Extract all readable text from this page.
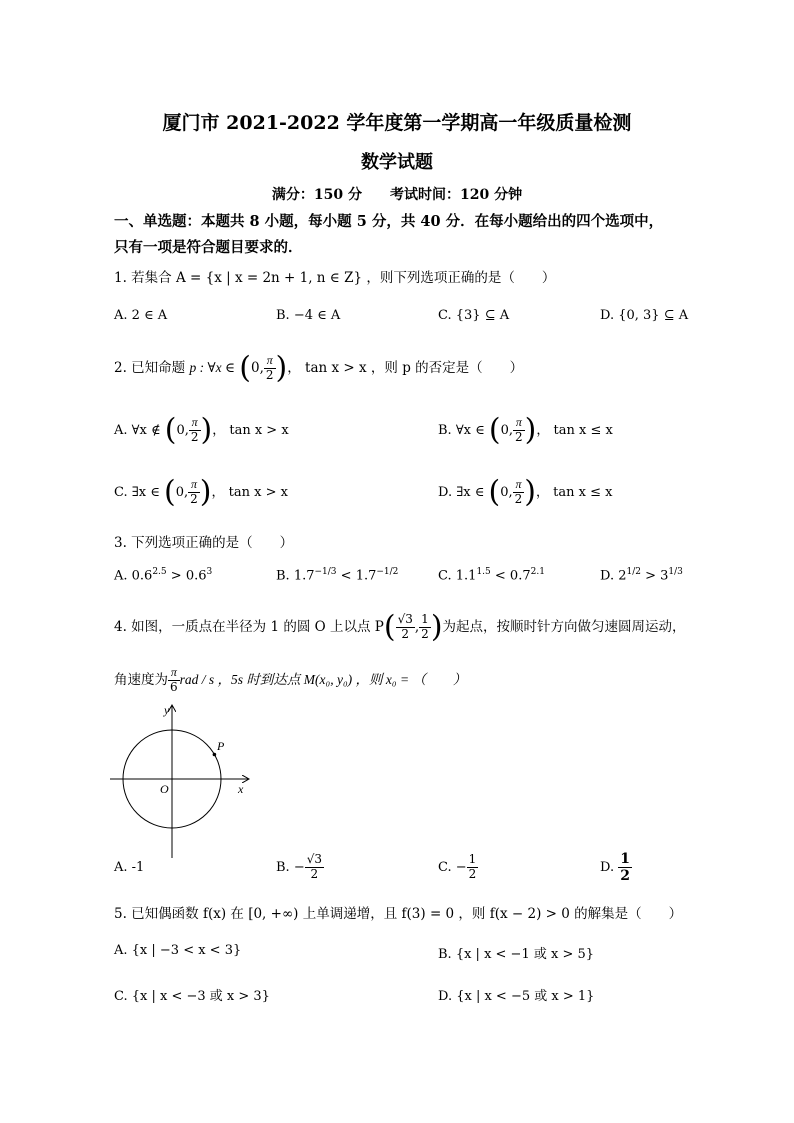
厦门市 2021-2022 学年度第一学期高一年级质量检测
数学试题
满分：150 分　　考试时间：120 分钟
一、单选题：本题共 8 小题，每小题 5 分，共 40 分．在每小题给出的四个选项中，
只有一项是符合题目要求的．
1. 若集合 A = {x | x = 2n + 1, n ∈ Z} ，则下列选项正确的是（　　）
A. 2 ∈ A	B. −4 ∈ A	C. {3} ⊆ A	D. {0, 3} ⊆ A
2. 已知命题 p : ∀x ∈ (0, $\frac{\pi}{2}$ )， tan x > x ，则 p 的否定是（　　）
A. ∀x ∉ (0, $\frac{\pi}{2}$ )， tan x > x	B. ∀x ∈ (0, $\frac{\pi}{2}$ )， tan x ≤ x
C. ∃x ∈ (0, $\frac{\pi}{2}$ )， tan x > x	D. ∃x ∈ (0, $\frac{\pi}{2}$ )， tan x ≤ x
3. 下列选项正确的是（　　）
A. $0.6^{2.5} > 0.6^3$	B. $1.7^{-1/3} < 1.7^{-1/2}$	C. $1.1^{1.5} < 0.7^{2.1}$	D. $2^{1/2} > 3^{1/3}$
4. 如图，一质点在半径为 1 的圆 O 上以点 $P( \frac{√3}{2}$ , $\frac{1}{2}$ )为起点，按顺时针方向做匀速圆周运动，
角速度为 $\frac{\pi}{6}$ rad / s ，5s 时到达点 M(x₀, y₀) ，则 x₀ = （　　）
P
O	x
y
A. -1	B. − $\frac{√3}{2}$	C. − $\frac{1}{2}$	D. $\frac{1}{2}$
5. 已知偶函数 f(x) 在 [0, +∞) 上单调递增，且 f(3) = 0 ，则 f(x − 2) > 0 的解集是（　　）
A. {x | −3 < x < 3}	B. {x | x < −1 或 x > 5}
C. {x | x < −3 或 x > 3}	D. {x | x < −5 或 x > 1}
